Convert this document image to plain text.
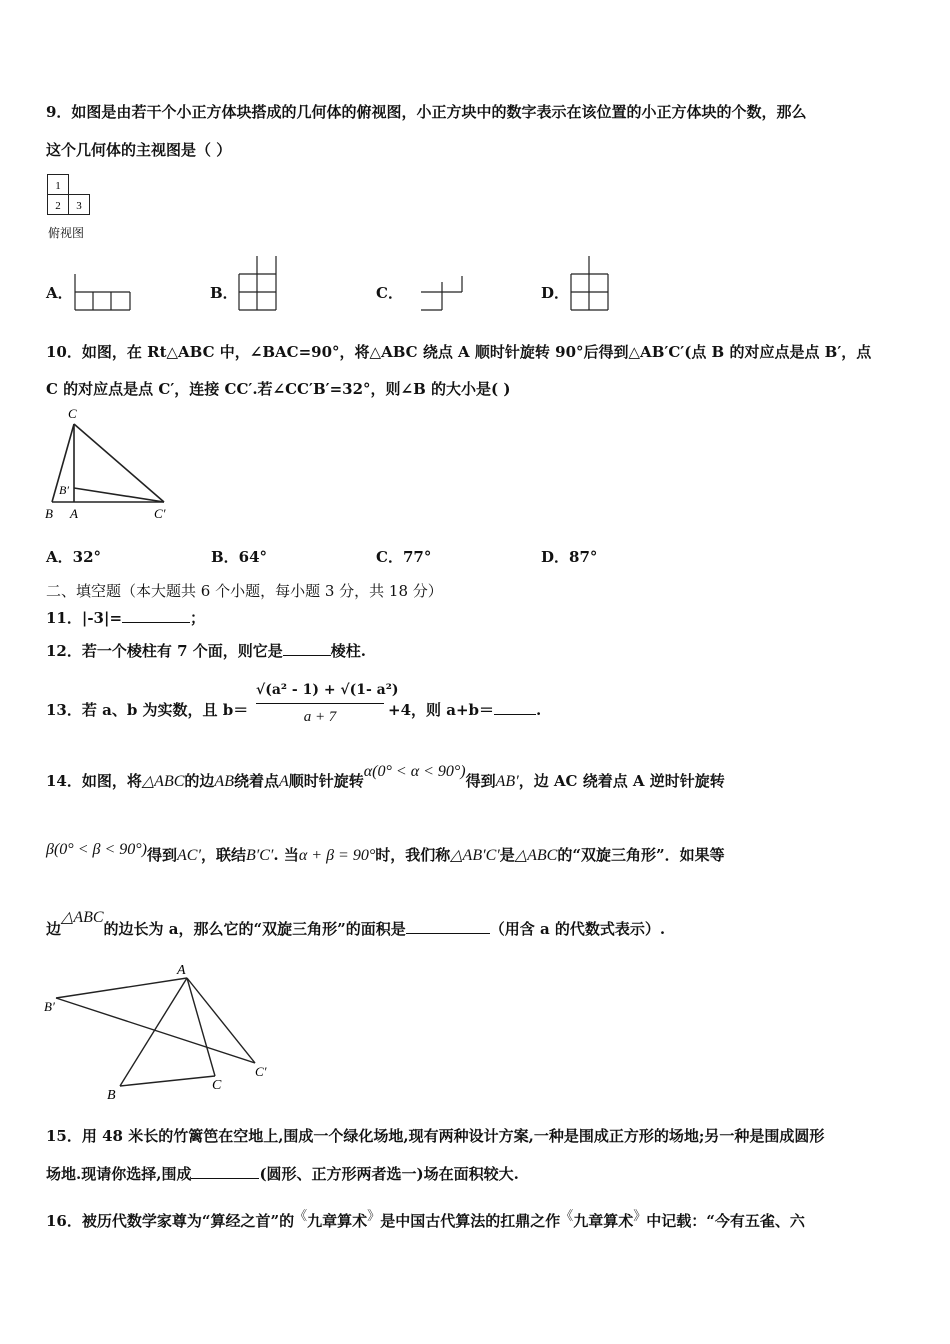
9．如图是由若干个小正方体块搭成的几何体的俯视图，小正方块中的数字表示在该位置的小正方体块的个数，那么
这个几何体的主视图是（ ）
1
2 3
俯视图
A．	B．	C．	D．
10．如图，在 Rt△ABC 中，∠BAC=90°，将△ABC 绕点 A 顺时针旋转 90°后得到△AB′C′(点 B 的对应点是点 B′，点
C 的对应点是点 C′，连接 CC′.若∠CC′B′=32°，则∠B 的大小是( )
C
B′
B A	C′
A．32°	B．64°	C．77°	D．87°
二、填空题（本大题共 6 个小题，每小题 3 分，共 18 分）
11．|-3|=	；
12．若一个棱柱有 7 个面，则它是	棱柱.
13．若 a、b 为实数，且 b＝
√(a² - 1) + √(1- a²)
a + 7	+4，则 a+b＝	.
14．如图，将△ABC的边AB绕着点A顺时针旋转α(0° < α < 90°)得到AB′，边 AC 绕着点 A 逆时针旋转
β(0° < β < 90°)得到AC′，联结B′C′. 当α + β = 90°时，我们称△AB′C′是△ABC的“双旋三角形”．如果等
边△ABC的边长为 a，那么它的“双旋三角形”的面积是	（用含 a 的代数式表示）.
A
B′
C′
B
C
15．用 48 米长的竹篱笆在空地上,围成一个绿化场地,现有两种设计方案,一种是围成正方形的场地;另一种是围成圆形
场地.现请你选择,围成	(圆形、正方形两者选一)场在面积较大.
16．被历代数学家尊为“算经之首”的《九章算术》是中国古代算法的扛鼎之作《九章算术》中记载：“今有五雀、六
